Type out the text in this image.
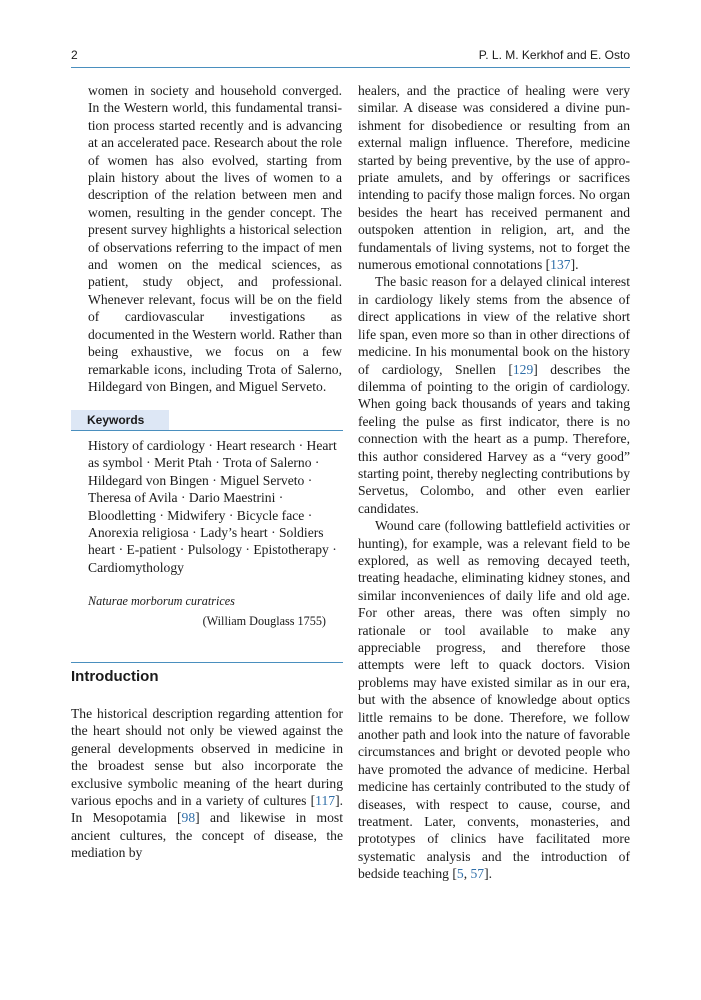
2	P. L. M. Kerkhof and E. Osto
women in society and household converged. In the Western world, this fundamental transition process started recently and is advancing at an accelerated pace. Research about the role of women has also evolved, starting from plain history about the lives of women to a description of the relation between men and women, resulting in the gender concept. The present survey highlights a historical selection of observations referring to the impact of men and women on the medical sciences, as patient, study object, and professional. Whenever relevant, focus will be on the field of cardiovascular investigations as documented in the Western world. Rather than being exhaustive, we focus on a few remarkable icons, including Trota of Salerno, Hildegard von Bingen, and Miguel Serveto.
Keywords
History of cardiology · Heart research · Heart as symbol · Merit Ptah · Trota of Salerno · Hildegard von Bingen · Miguel Serveto · Theresa of Avila · Dario Maestrini · Bloodletting · Midwifery · Bicycle face · Anorexia religiosa · Lady’s heart · Soldiers heart · E-patient · Pulsology · Epistotherapy · Cardiomythology
Naturae morborum curatrices
(William Douglass 1755)
Introduction
The historical description regarding attention for the heart should not only be viewed against the general developments observed in medicine in the broadest sense but also incorporate the exclusive symbolic meaning of the heart during various epochs and in a variety of cultures [117]. In Mesopotamia [98] and likewise in most ancient cultures, the concept of disease, the mediation by

healers, and the practice of healing were very similar. A disease was considered a divine punishment for disobedience or resulting from an external malign influence. Therefore, medicine started by being preventive, by the use of appropriate amulets, and by offerings or sacrifices intending to pacify those malign forces. No organ besides the heart has received permanent and outspoken attention in religion, art, and the fundamentals of living systems, not to forget the numerous emotional connotations [137].

The basic reason for a delayed clinical interest in cardiology likely stems from the absence of direct applications in view of the relative short life span, even more so than in other directions of medicine. In his monumental book on the history of cardiology, Snellen [129] describes the dilemma of pointing to the origin of cardiology. When going back thousands of years and taking feeling the pulse as first indicator, there is no connection with the heart as a pump. Therefore, this author considered Harvey as a “very good” starting point, thereby neglecting contributions by Servetus, Colombo, and other even earlier candidates.

Wound care (following battlefield activities or hunting), for example, was a relevant field to be explored, as well as removing decayed teeth, treating headache, eliminating kidney stones, and similar inconveniences of daily life and old age. For other areas, there was often simply no rationale or tool available to make any appreciable progress, and therefore those attempts were left to quack doctors. Vision problems may have existed similar as in our era, but with the absence of knowledge about optics little remains to be done. Therefore, we follow another path and look into the nature of favorable circumstances and bright or devoted people who have promoted the advance of medicine. Herbal medicine has certainly contributed to the study of diseases, with respect to cause, course, and treatment. Later, convents, monasteries, and prototypes of clinics have facilitated more systematic analysis and the introduction of bedside teaching [5, 57].
